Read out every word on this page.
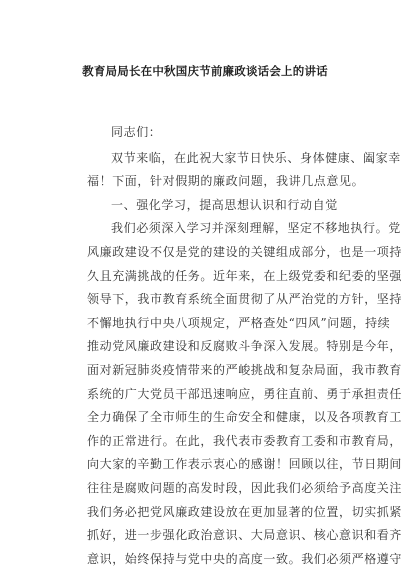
教育局局长在中秋国庆节前廉政谈话会上的讲话
同志们：
双节来临，在此祝大家节日快乐、身体健康、阖家幸
福！下面，针对假期的廉政问题，我讲几点意见。
一、强化学习，提高思想认识和行动自觉
我们必须深入学习并深刻理解，坚定不移地执行。党
风廉政建设不仅是党的建设的关键组成部分，也是一项持
久且充满挑战的任务。近年来，在上级党委和纪委的坚强
领导下，我市教育系统全面贯彻了从严治党的方针，坚持
不懈地执行中央八项规定，严格查处“四风”问题，持续
推动党风廉政建设和反腐败斗争深入发展。特别是今年，
面对新冠肺炎疫情带来的严峻挑战和复杂局面，我市教育
系统的广大党员干部迅速响应，勇往直前、勇于承担责任
全力确保了全市师生的生命安全和健康，以及各项教育工
作的正常进行。在此，我代表市委教育工委和市教育局，
向大家的辛勤工作表示衷心的感谢！回顾以往，节日期间
往往是腐败问题的高发时段，因此我们必须给予高度关注
我们务必把党风廉政建设放在更加显著的位置，切实抓紧
抓好，进一步强化政治意识、大局意识、核心意识和看齐
意识，始终保持与党中央的高度一致。我们必须严格遵守
